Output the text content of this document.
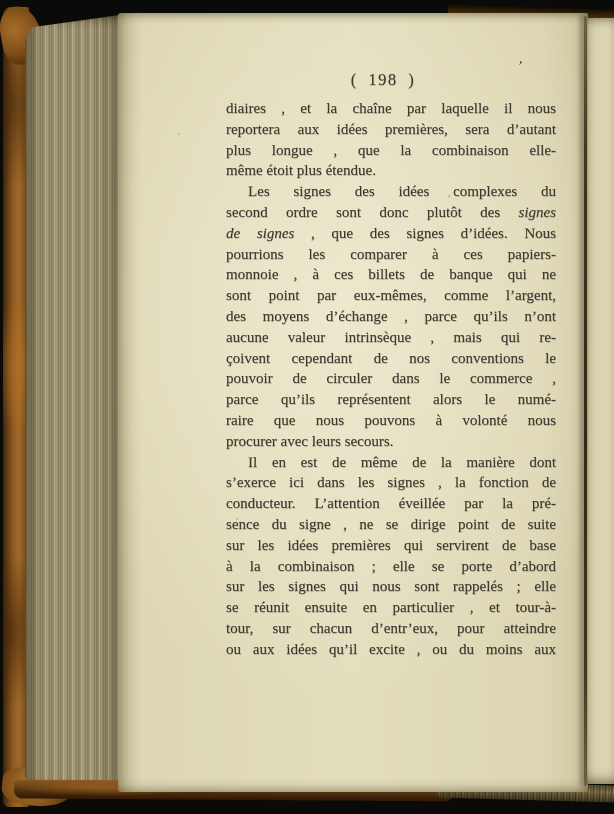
( 198 )
’
diaires , et la chaîne par laquelle il nous
reportera aux idées premières, sera d’autant
plus longue , que la combinaison elle-
même étoit plus étendue.
Les signes des idées complexes du
second ordre sont donc plutôt des signes
de signes , que des signes d’idées. Nous
pourrions les comparer à ces papiers-
monnoie , à ces billets de banque qui ne
sont point par eux-mêmes, comme l’argent,
des moyens d’échange , parce qu’ils n’ont
aucune valeur intrinsèque , mais qui re-
çoivent cependant de nos conventions le
pouvoir de circuler dans le commerce ,
parce qu’ils représentent alors le numé-
raire que nous pouvons à volonté nous
procurer avec leurs secours.
Il en est de même de la manière dont
s’exerce ici dans les signes , la fonction de
conducteur. L’attention éveillée par la pré-
sence du signe , ne se dirige point de suite
sur les idées premières qui servirent de base
à la combinaison ; elle se porte d’abord
sur les signes qui nous sont rappelés ; elle
se réunit ensuite en particulier , et tour-à-
tour, sur chacun d’entr’eux, pour atteindre
ou aux idées qu’il excite , ou du moins aux
